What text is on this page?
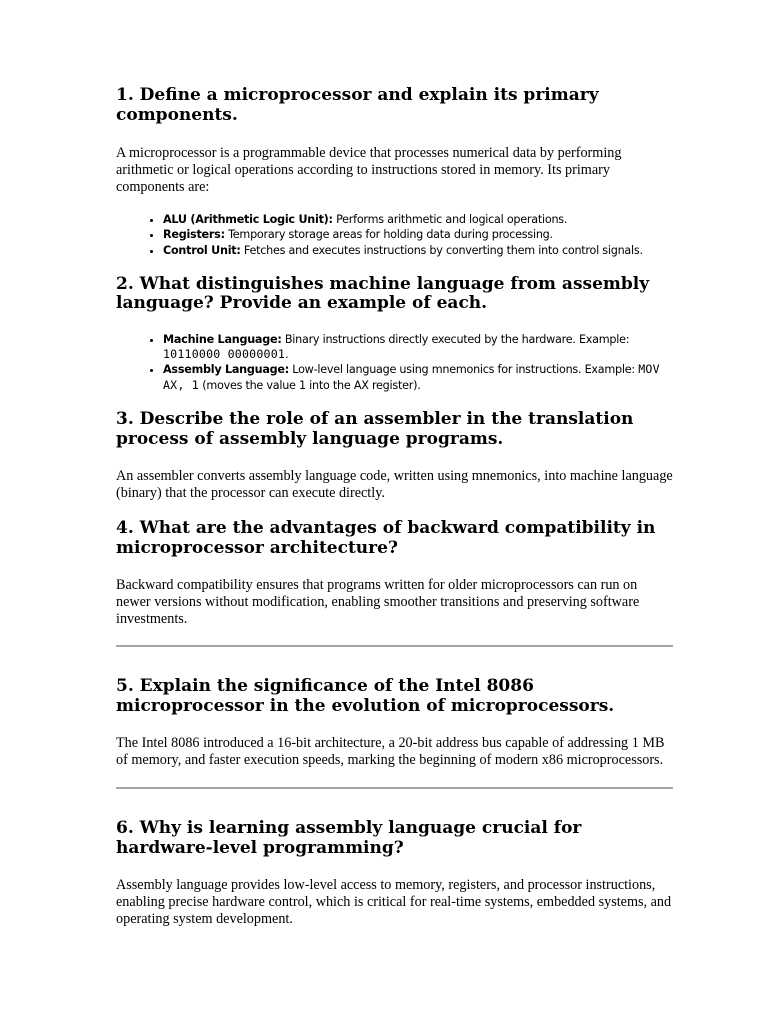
1. Define a microprocessor and explain its primary components.

A microprocessor is a programmable device that processes numerical data by performing arithmetic or logical operations according to instructions stored in memory. Its primary components are:

• ALU (Arithmetic Logic Unit): Performs arithmetic and logical operations.
• Registers: Temporary storage areas for holding data during processing.
• Control Unit: Fetches and executes instructions by converting them into control signals.
2. What distinguishes machine language from assembly language? Provide an example of each.
• Machine Language: Binary instructions directly executed by the hardware. Example: 10110000 00000001.
• Assembly Language: Low-level language using mnemonics for instructions. Example: MOV AX, 1 (moves the value 1 into the AX register).
3. Describe the role of an assembler in the translation process of assembly language programs.

An assembler converts assembly language code, written using mnemonics, into machine language (binary) that the processor can execute directly.

4. What are the advantages of backward compatibility in microprocessor architecture?

Backward compatibility ensures that programs written for older microprocessors can run on newer versions without modification, enabling smoother transitions and preserving software investments.

5. Explain the significance of the Intel 8086 microprocessor in the evolution of microprocessors.

The Intel 8086 introduced a 16-bit architecture, a 20-bit address bus capable of addressing 1 MB of memory, and faster execution speeds, marking the beginning of modern x86 microprocessors.

6. Why is learning assembly language crucial for hardware-level programming?

Assembly language provides low-level access to memory, registers, and processor instructions, enabling precise hardware control, which is critical for real-time systems, embedded systems, and operating system development.
